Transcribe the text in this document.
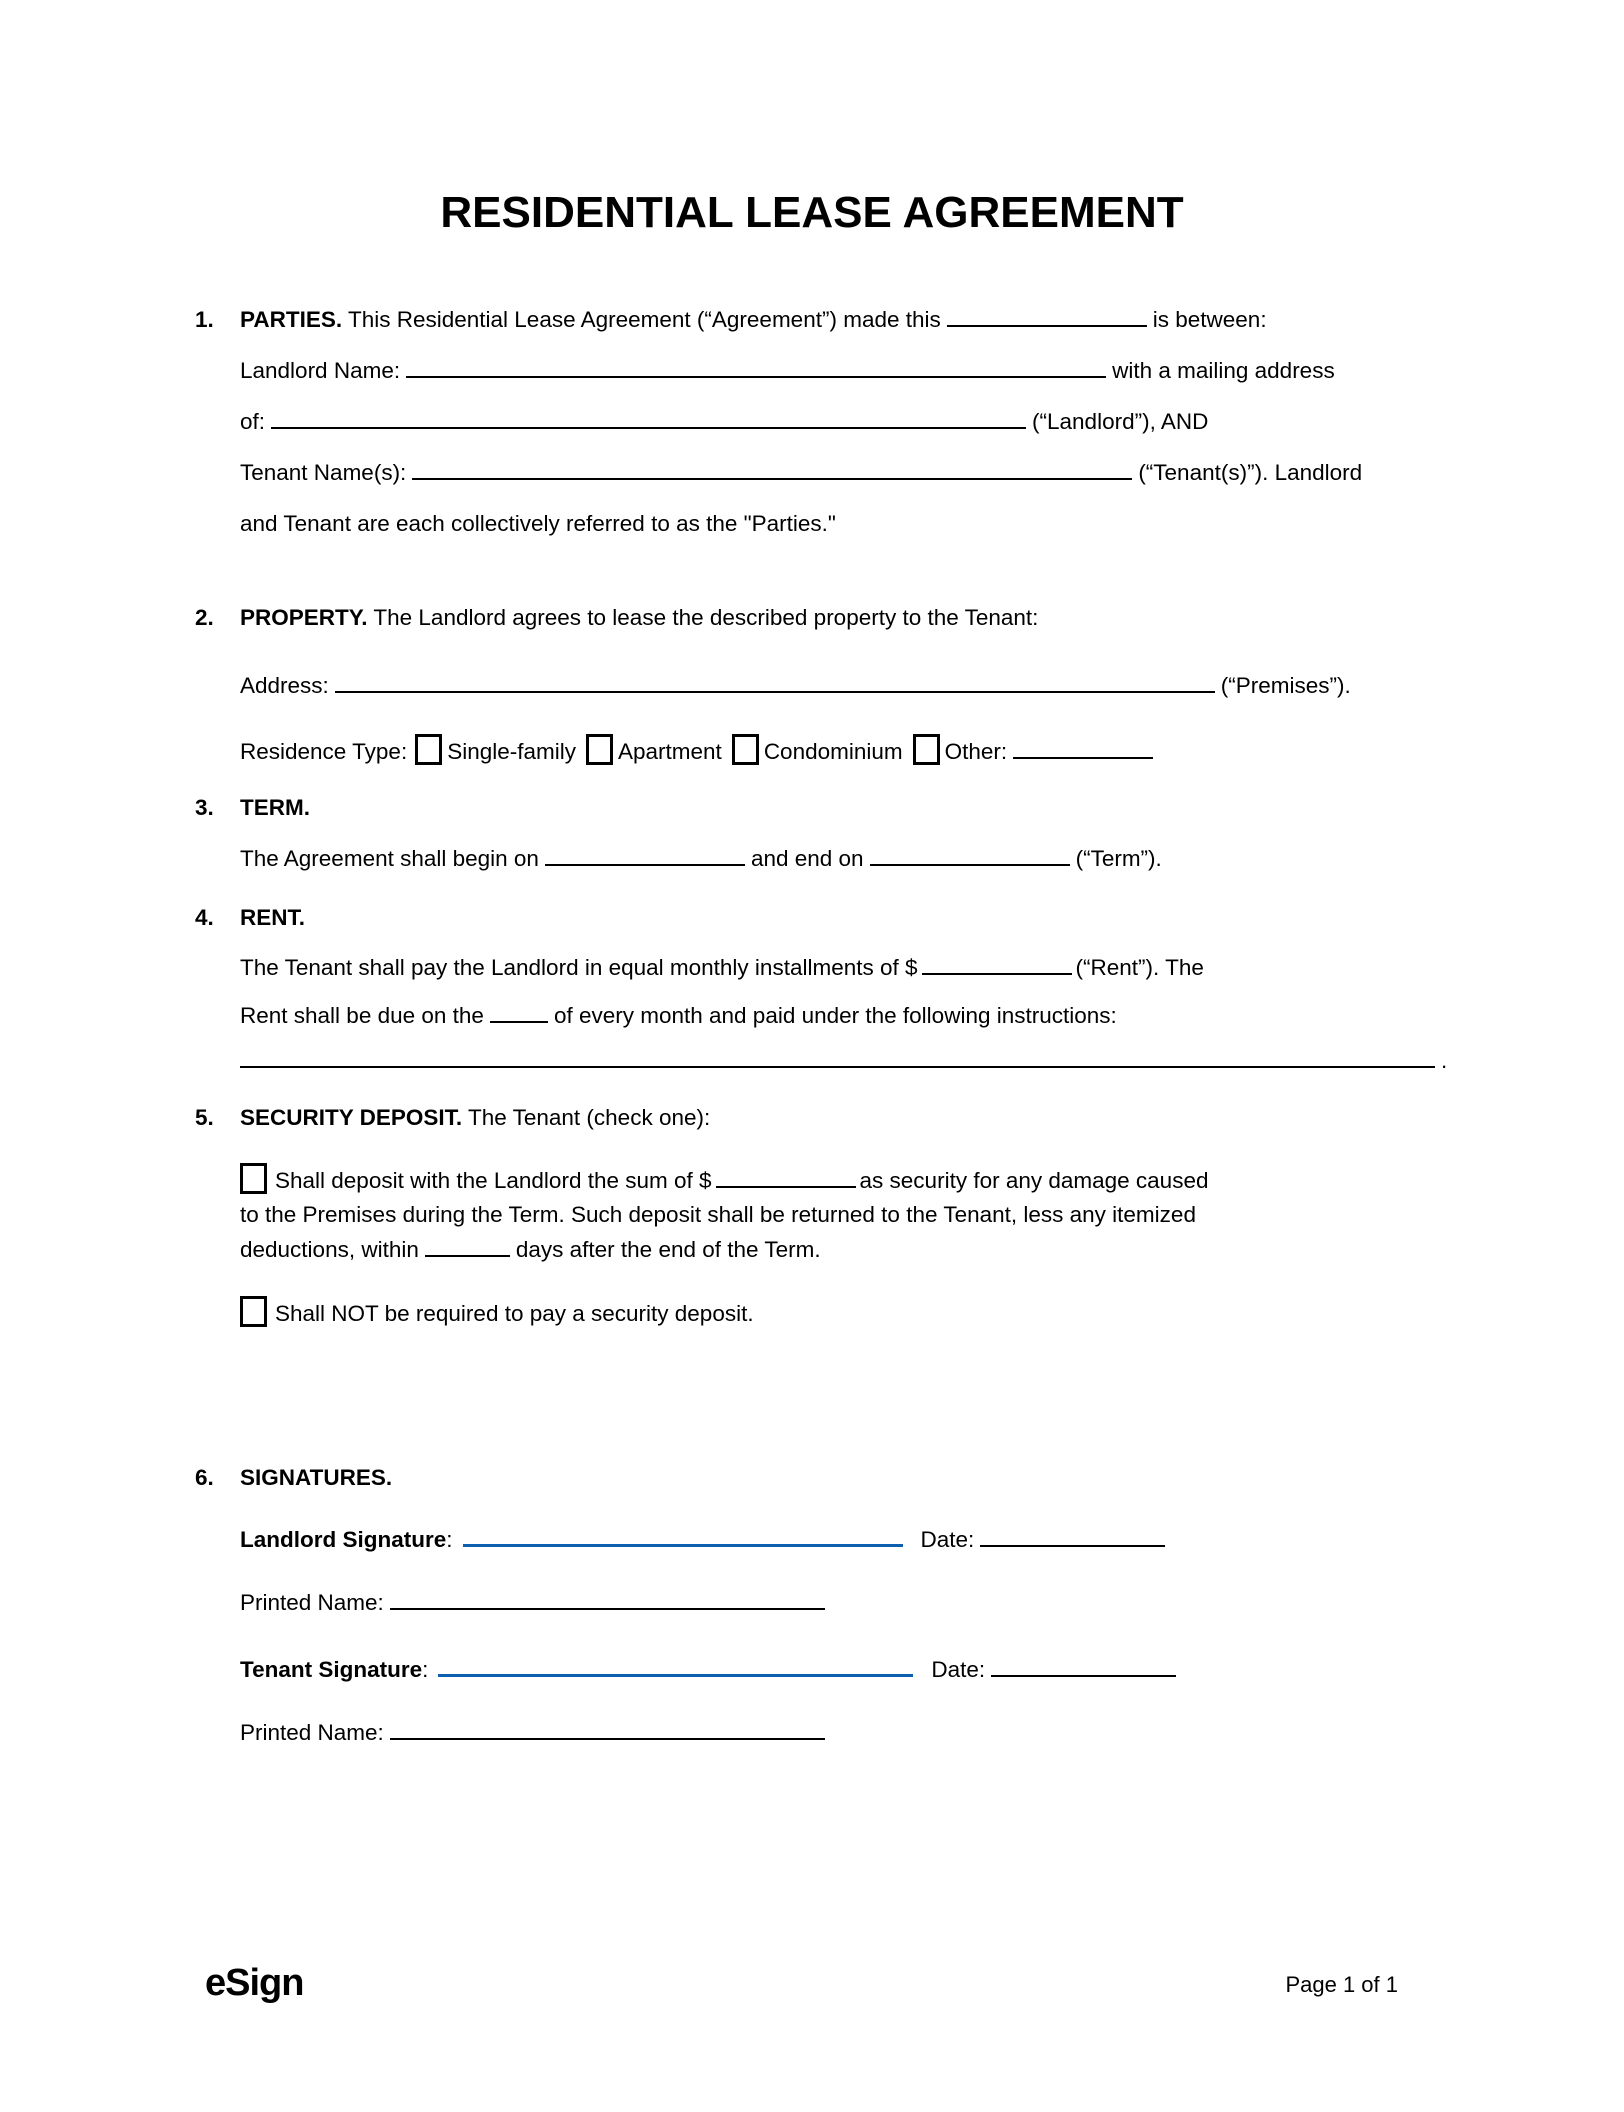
RESIDENTIAL LEASE AGREEMENT
1. PARTIES. This Residential Lease Agreement (“Agreement”) made this	is between:
Landlord Name:	with a mailing address
of:	(“Landlord”), AND
Tenant Name(s):	(“Tenant(s)”). Landlord
and Tenant are each collectively referred to as the "Parties."
2. PROPERTY. The Landlord agrees to lease the described property to the Tenant:
Address:	(“Premises”).
Residence Type: Single-family Apartment Condominium Other:
3. TERM.
The Agreement shall begin on	and end on	(“Term”).
4. RENT.
The Tenant shall pay the Landlord in equal monthly installments of $	(“Rent”). The
Rent shall be due on the	of every month and paid under the following instructions:
.
5. SECURITY DEPOSIT. The Tenant (check one):
Shall deposit with the Landlord the sum of $	as security for any damage caused
to the Premises during the Term. Such deposit shall be returned to the Tenant, less any itemized
deductions, within	days after the end of the Term.
Shall NOT be required to pay a security deposit.
6. SIGNATURES.
Landlord Signature:	Date:
Printed Name:
Tenant Signature:	Date:
Printed Name:
eSign	Page 1 of 1
